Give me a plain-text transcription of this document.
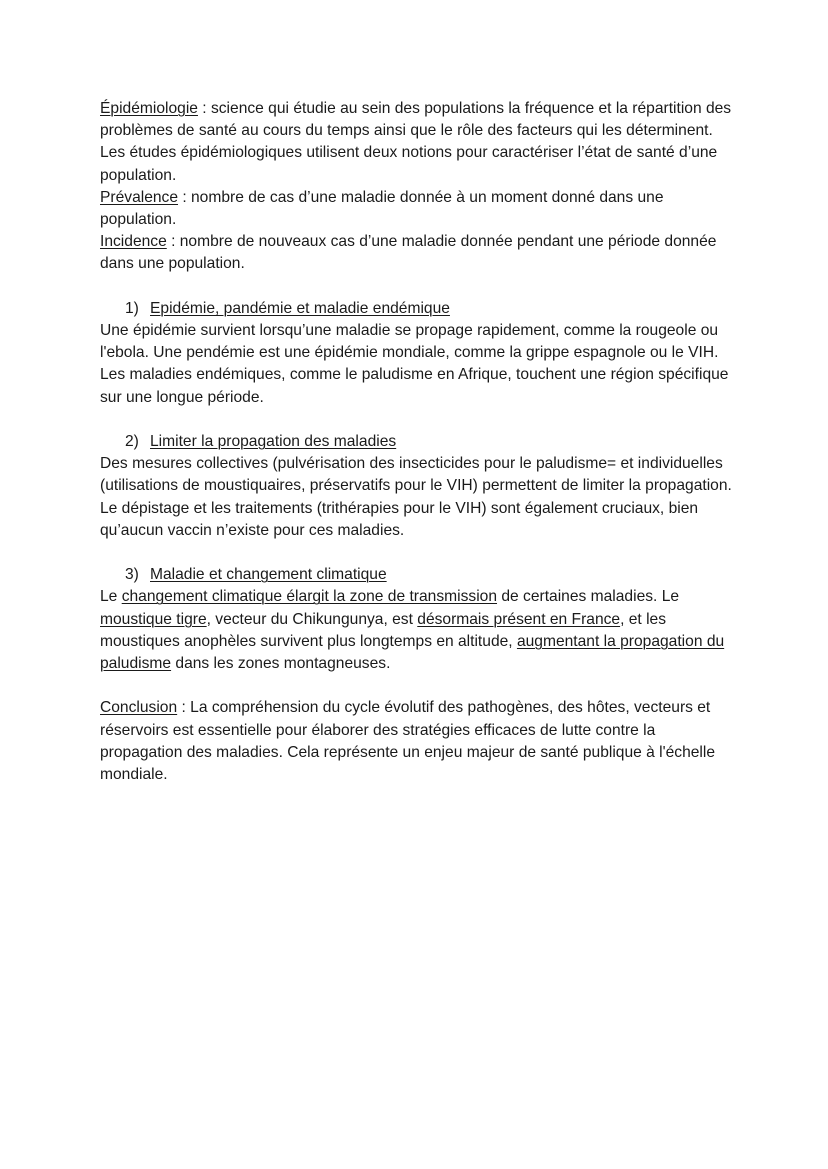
Épidémiologie : science qui étudie au sein des populations la fréquence et la répartition des problèmes de santé au cours du temps ainsi que le rôle des facteurs qui les déterminent.

Les études épidémiologiques utilisent deux notions pour caractériser l’état de santé d’une population.

Prévalence : nombre de cas d’une maladie donnée à un moment donné dans une population.

Incidence : nombre de nouveaux cas d’une maladie donnée pendant une période donnée dans une population.

1) Epidémie, pandémie et maladie endémique

Une épidémie survient lorsqu’une maladie se propage rapidement, comme la rougeole ou l'ebola. Une pendémie est une épidémie mondiale, comme la grippe espagnole ou le VIH. Les maladies endémiques, comme le paludisme en Afrique, touchent une région spécifique sur une longue période.

2) Limiter la propagation des maladies

Des mesures collectives (pulvérisation des insecticides pour le paludisme= et individuelles (utilisations de moustiquaires, préservatifs pour le VIH) permettent de limiter la propagation. Le dépistage et les traitements (trithérapies pour le VIH) sont également cruciaux, bien qu’aucun vaccin n’existe pour ces maladies.

3) Maladie et changement climatique

Le changement climatique élargit la zone de transmission de certaines maladies. Le moustique tigre, vecteur du Chikungunya, est désormais présent en France, et les moustiques anophèles survivent plus longtemps en altitude, augmentant la propagation du paludisme dans les zones montagneuses.

Conclusion : La compréhension du cycle évolutif des pathogènes, des hôtes, vecteurs et réservoirs est essentielle pour élaborer des stratégies efficaces de lutte contre la propagation des maladies. Cela représente un enjeu majeur de santé publique à l'échelle mondiale.
